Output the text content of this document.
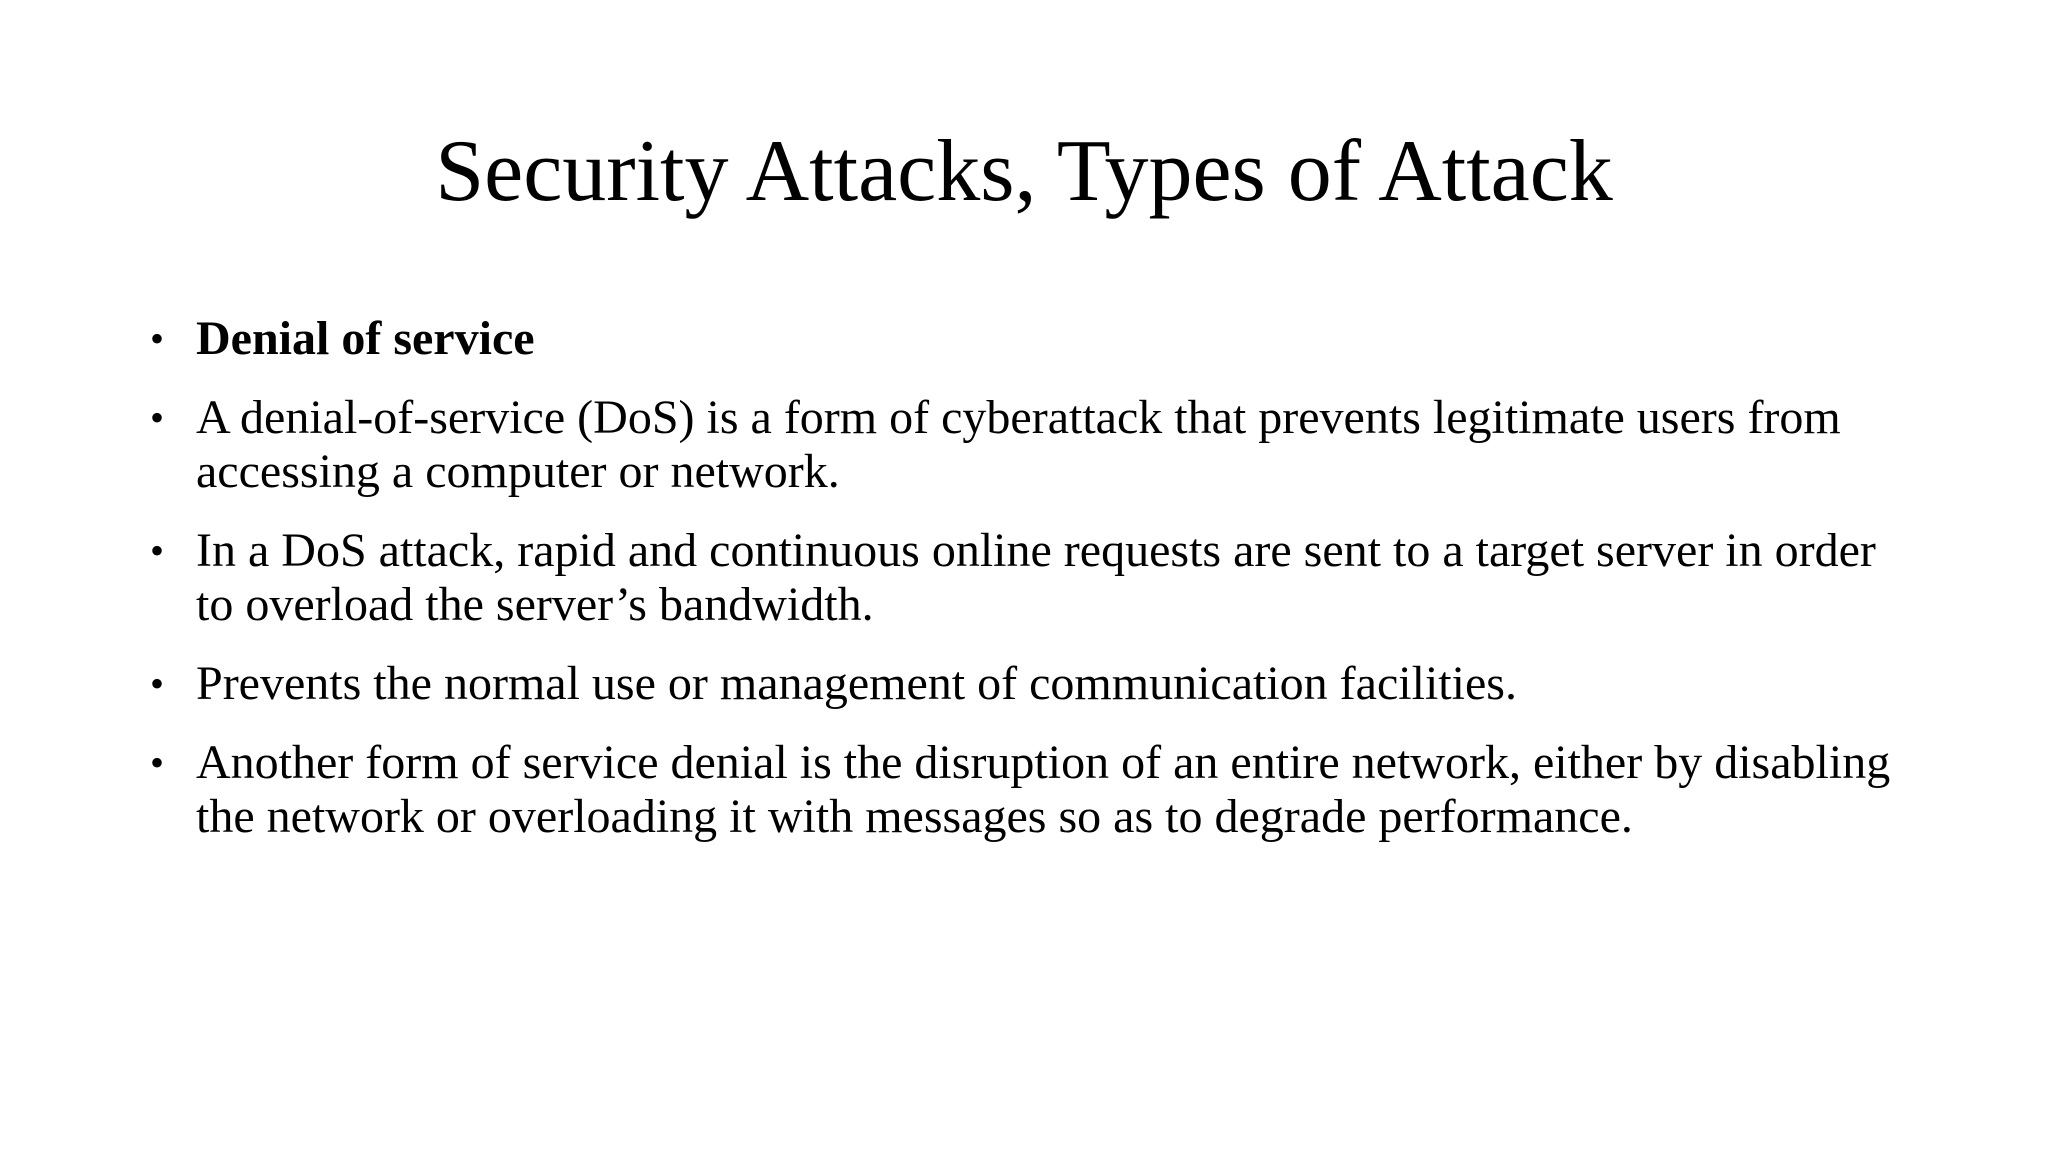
Security Attacks, Types of Attack
• Denial of service
• A denial-of-service (DoS) is a form of cyberattack that prevents legitimate users from accessing a computer or network.
• In a DoS attack, rapid and continuous online requests are sent to a target server in order to overload the server’s bandwidth.
• Prevents the normal use or management of communication facilities.
• Another form of service denial is the disruption of an entire network, either by disabling the network or overloading it with messages so as to degrade performance.
